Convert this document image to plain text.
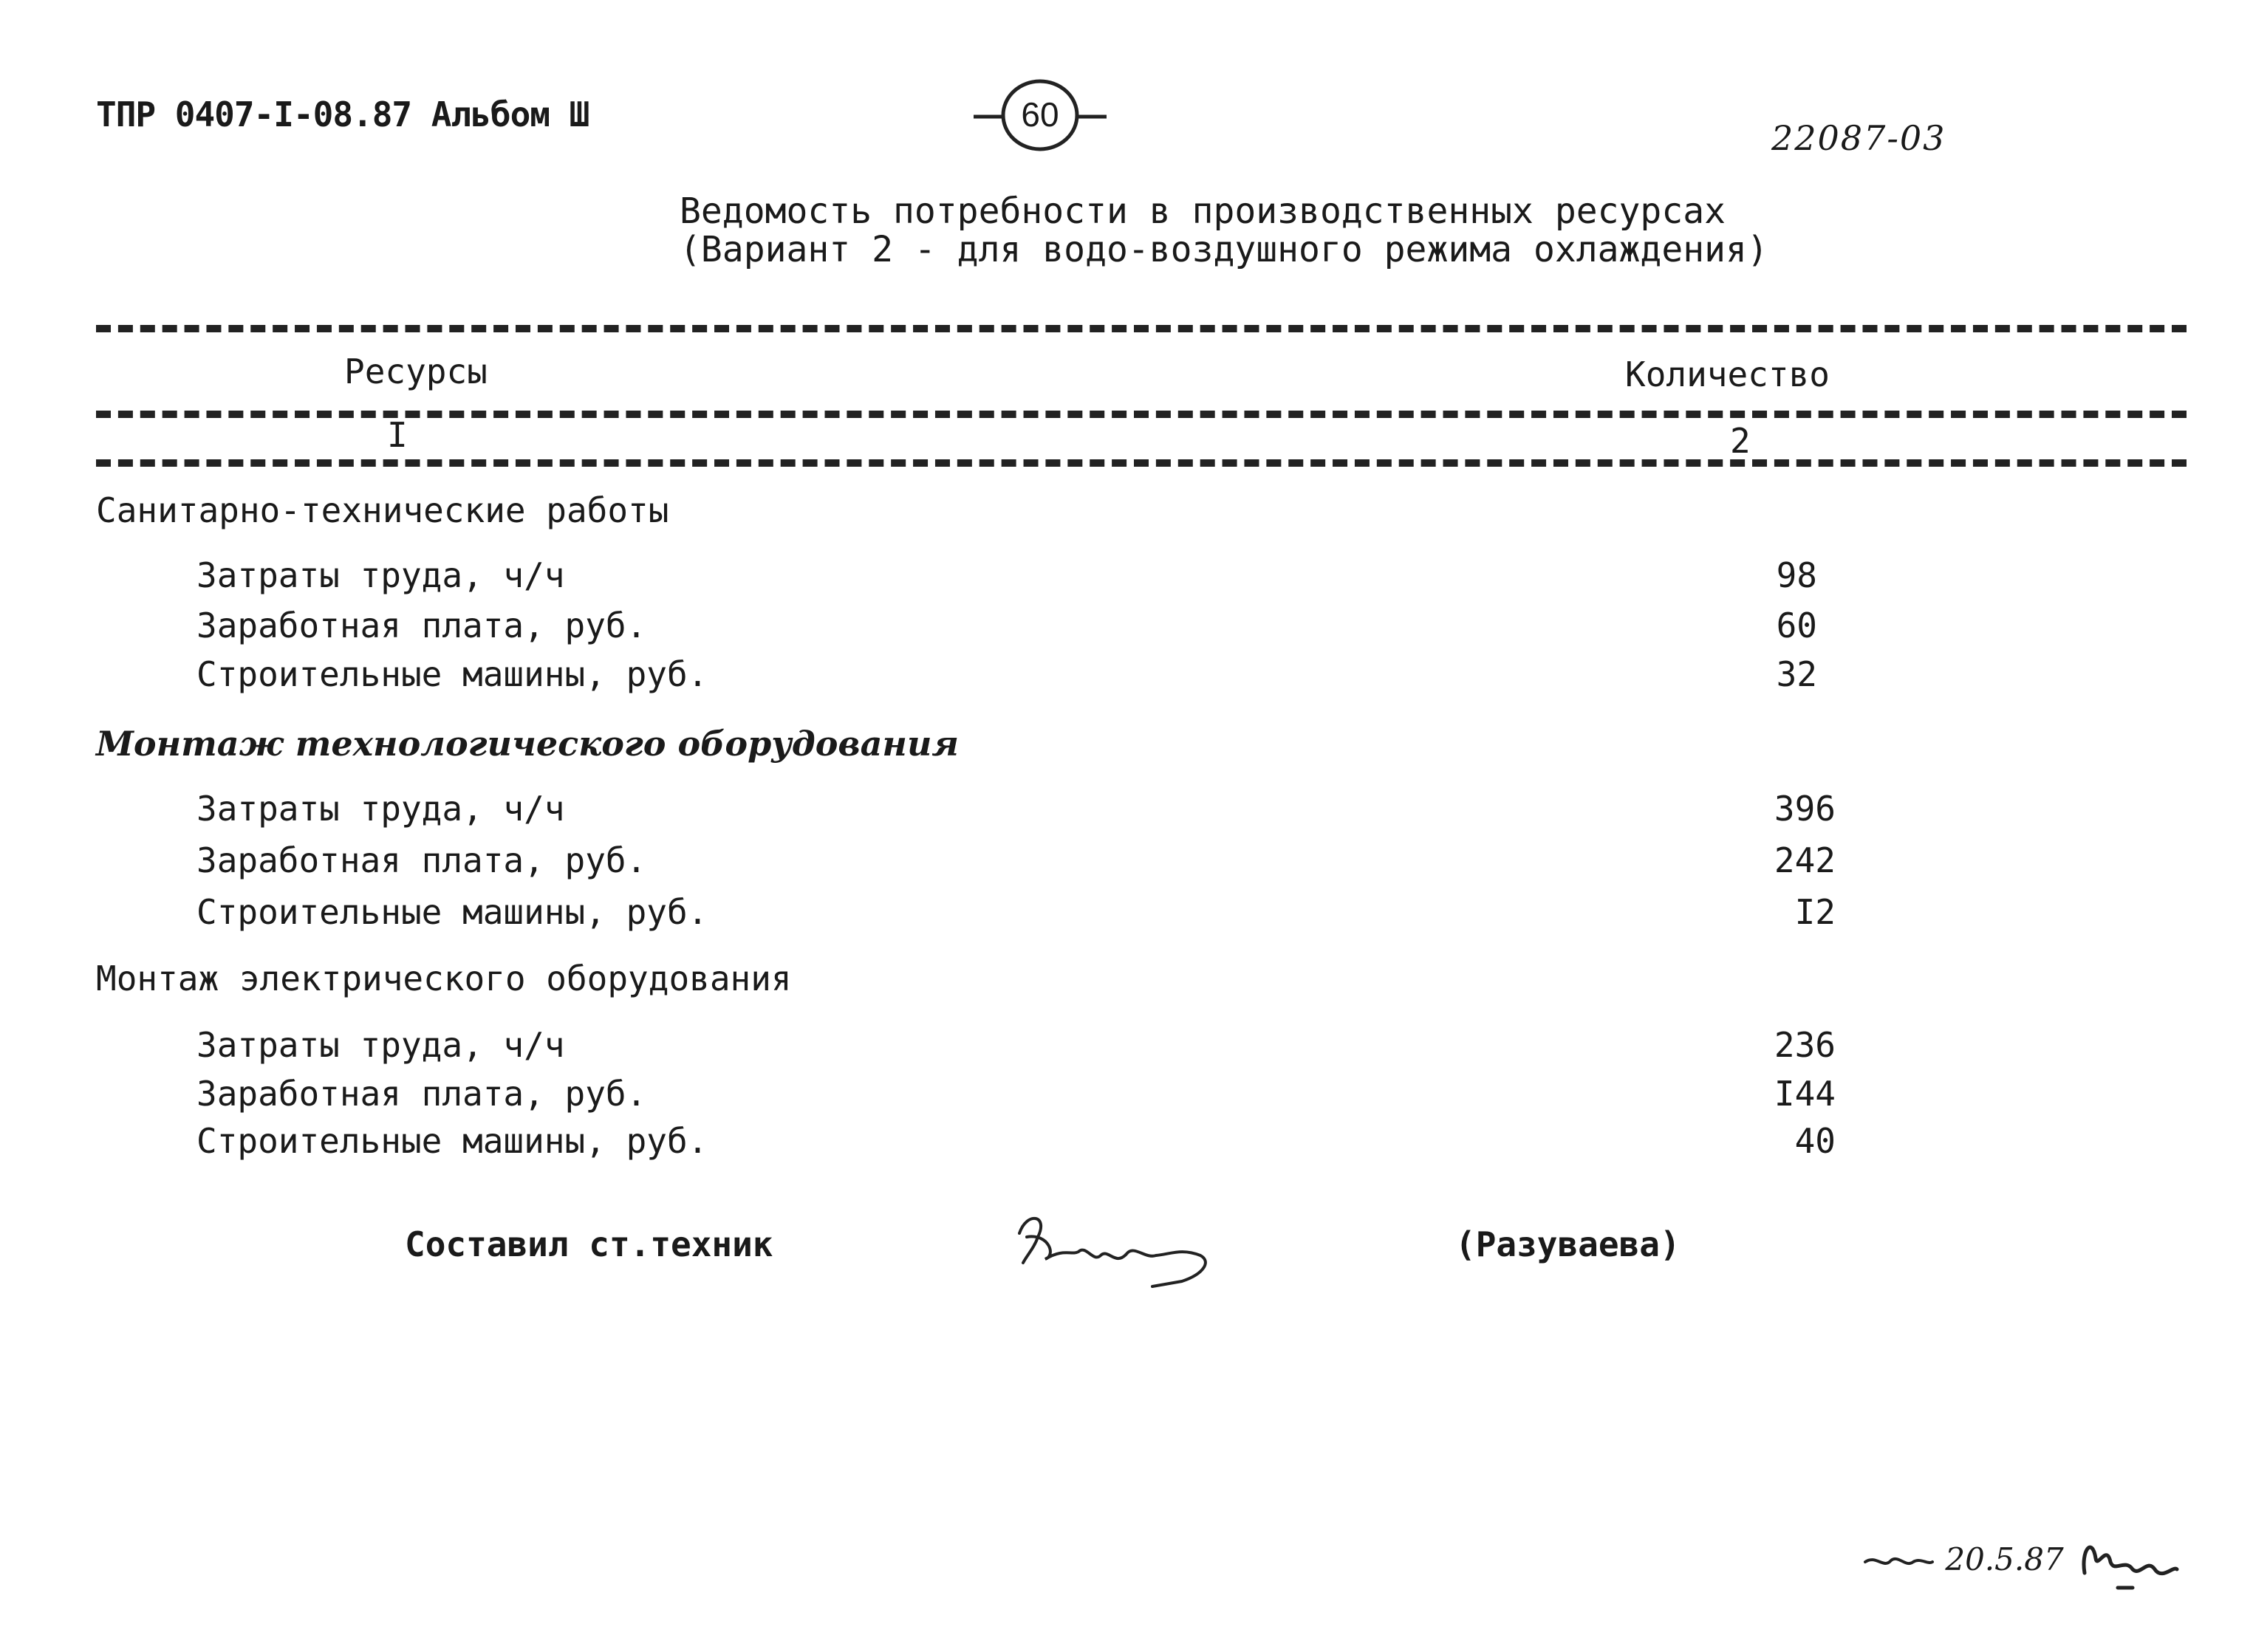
ТПР 0407-I-08.87 Альбом Ш	60
22087-03
Ведомость потребности в производственных ресурсах
(Вариант 2 - для водо-воздушного режима охлаждения)
Ресурсы	Количество
I	2
Санитарно-технические работы
Затраты труда, ч/ч	98
Заработная плата, руб.	60
Строительные машины, руб.	32
Монтаж технологического оборудования
Затраты труда, ч/ч	396
Заработная плата, руб.	242
Строительные машины, руб.	I2
Монтаж электрического оборудования
Затраты труда, ч/ч	236
Заработная плата, руб.	I44
Строительные машины, руб.	40
Составил ст.техник	(Разуваева)
20.5.87
